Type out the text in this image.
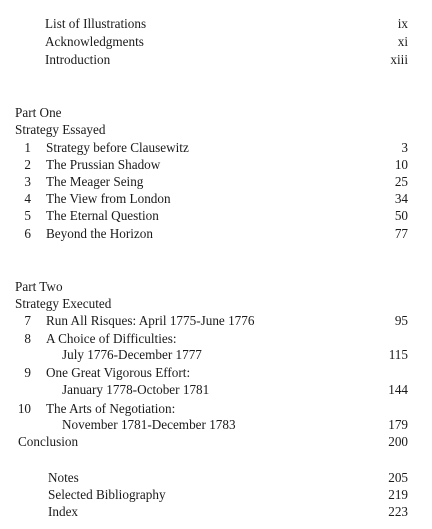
List of Illustrations	ix
Acknowledgments	xi
Introduction	xiii
Part One
Strategy Essayed
1 Strategy before Clausewitz	3
2 The Prussian Shadow	10
3 The Meager Seing	25
4 The View from London	34
5 The Eternal Question	50
6 Beyond the Horizon	77
Part Two
Strategy Executed
7 Run All Risques: April 1775-June 1776	95
8 A Choice of Difficulties:
July 1776-December 1777	115
9 One Great Vigorous Effort:
January 1778-October 1781	144
10 The Arts of Negotiation:
November 1781-December 1783	179
Conclusion	200
Notes	205
Selected Bibliography	219
Index	223
